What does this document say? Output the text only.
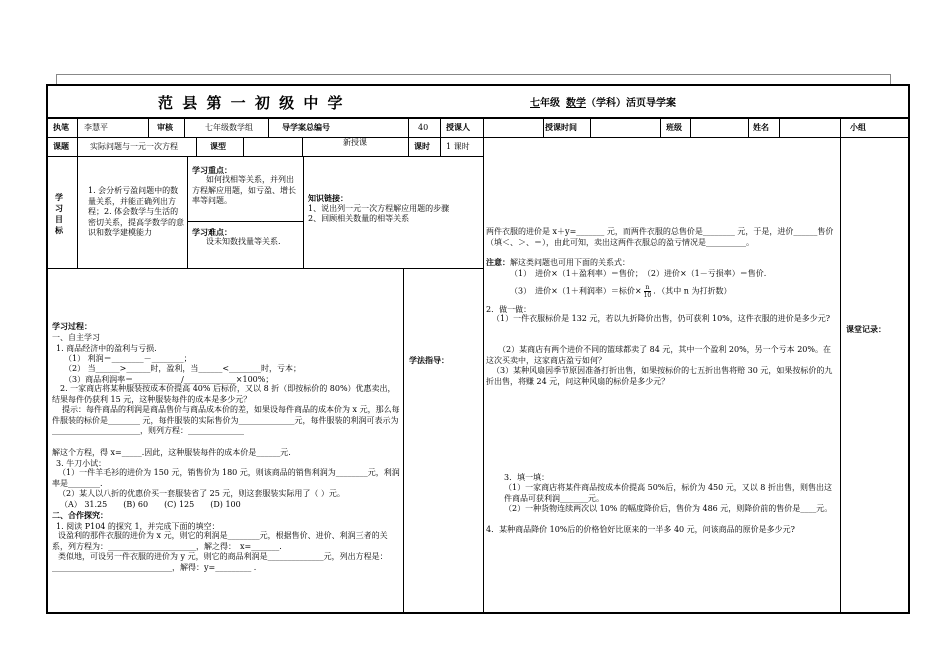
范 县 第 一 初 级 中 学	七年级 数学（学科）活页导学案
执笔 李慧平	审核	七年级数学组	导学案总编号	40 授课人	授课时间	班级	姓名	小组
课题	实际问题与一元一次方程	课型	新授课	课时 1 课时
学习目标
1. 会分析亏盈问题中的数量关系，并能正确列出方程；2. 体会数学与生活的密切关系，提高学数学的意识和数学建模能力
学习重点：
如何找相等关系，并列出方程解应用题，如亏盈、增长率等问题。
学习难点：
设未知数找量等关系.
知识链接：
1、说出列一元一次方程解应用题的步骤
2、回顾相关数量的相等关系
学习过程：
一、自主学习
1. 商品经济中的盈利与亏损.
（1） 利润＝________－________；
（2） 当______>______时，盈利，当______<________时，亏本；
（3）商品利润率＝____________/_____________×100%；
2. 一家商店将某种服装按成本价提高 40% 后标价，又以 8 折（即按标价的 80%）优惠卖出，结果每件仍获利 15 元，这种服装每件的成本是多少元？
提示：每件商品的利润是商品售价与商品成本价的差，如果设每件商品的成本价为 x 元，那么每件服装的标价是________ 元，每件服装的实际售价为______________元，每件服装的利润可表示为______________________，则列方程：______________
解这个方程，得 x=_____.因此，这种服装每件的成本价是______元.
3. 牛刀小试：
（1）一件羊毛衫的进价为 150 元，销售价为 180 元，则该商品的销售利润为________元，利润率是________.
（2）某人以八折的优惠价买一套服装省了 25 元，则这套服装实际用了（ ）元。
（A） 31.25　　(B) 60　　(C) 125　　(D) 100
二、合作探究：
1. 阅读 P104 的探究 1，并完成下面的填空：
设盈利的那件衣服的进价为 x 元，则它的利润是________元，根据售价、进价、利润三者的关系，列方程为：______________________，解之得：　x=_______.
类似地，可设另一件衣服的进价为 y 元，则它的商品利润是______________元，列出方程是：______________________________，解得：y=_________ .
学法指导：
两件衣服的进价是 x＋y=_______ 元，而两件衣服的总售价是________ 元，于是，进价______售价（填＜、＞、＝），由此可知，卖出这两件衣服总的盈亏情况是__________。
注意：解这类问题也可用下面的关系式：
（1）　进价×（1＋盈利率）＝售价；　（2）进价×（1－亏损率）＝售价.
（3）　进价×（1＋利润率）＝标价× $\frac{n}{10}$ ．（其中 n 为打折数）
2．做一做：
（1）一件衣服标价是 132 元，若以九折降价出售，仍可获利 10%，这件衣服的进价是多少元?
（2）某商店有两个进价不同的篮球都卖了 84 元，其中一个盈利 20%，另一个亏本 20%。在这次买卖中，这家商店盈亏如何？
（3）某种风扇因季节原因准备打折出售，如果按标价的七五折出售将赔 30 元，如果按标价的九折出售，将赚 24 元，问这种风扇的标价是多少元？
3．填一填：
（1）一家商店将某件商品按成本价提高 50%后，标价为 450 元，又以 8 折出售，则售出这件商品可获利润_______元。
（2）一种货物连续两次以 10% 的幅度降价后，售价为 486 元，则降价前的售价是____元。
4．某种商品降价 10%后的价格恰好比原来的一半多 40 元，问该商品的原价是多少元?
课堂记录：
